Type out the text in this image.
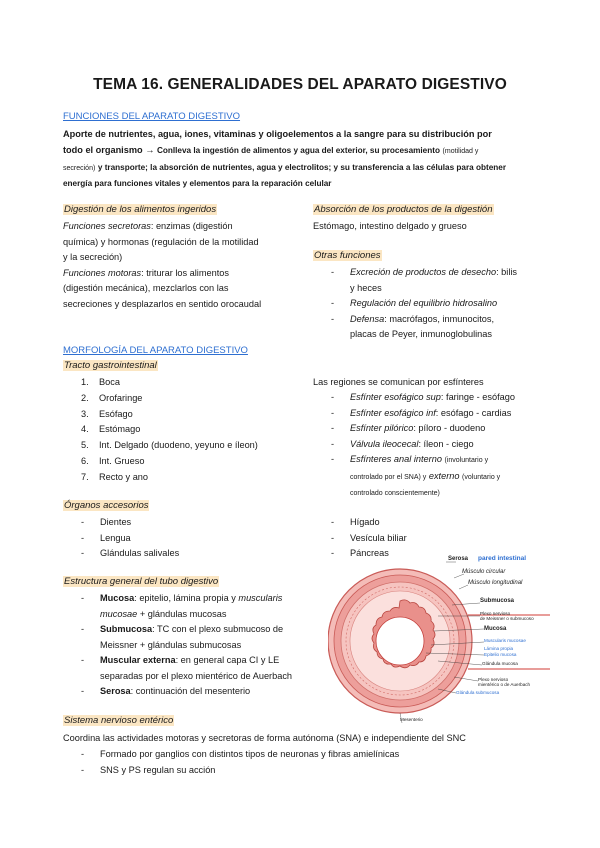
TEMA 16. GENERALIDADES DEL APARATO DIGESTIVO
FUNCIONES DEL APARATO DIGESTIVO
Aporte de nutrientes, agua, iones, vitaminas y oligoelementos a la sangre para su distribución por
todo el organismo → Conlleva la ingestión de alimentos y agua del exterior, su procesamiento (motilidad y
secreción) y transporte; la absorción de nutrientes, agua y electrolitos; y su transferencia a las células para obtener
energía para funciones vitales y elementos para la reparación celular
Digestión de los alimentos ingeridos
Funciones secretoras: enzimas (digestión
química) y hormonas (regulación de la motilidad
y la secreción)
Funciones motoras: triturar los alimentos
(digestión mecánica), mezclarlos con las
secreciones y desplazarlos en sentido orocaudal
Absorción de los productos de la digestión
Estómago, intestino delgado y grueso
Otras funciones
- Excreción de productos de desecho: bilis
y heces
- Regulación del equilibrio hidrosalino
- Defensa: macrófagos, inmunocitos,
placas de Peyer, inmunoglobulinas
MORFOLOGÍA DEL APARATO DIGESTIVO
Tracto gastrointestinal
1. Boca
2. Orofaringe
3. Esófago
4. Estómago
5. Int. Delgado (duodeno, yeyuno e íleon)
6. Int. Grueso
7. Recto y ano
Las regiones se comunican por esfínteres
- Esfínter esofágico sup: faringe - esófago
- Esfínter esofágico inf: esófago - cardias
- Esfínter pilórico: píloro - duodeno
- Válvula ileocecal: íleon - ciego
- Esfínteres anal interno (involuntario y
controlado por el SNA) y externo (voluntario y
controlado conscientemente)
Órganos accesorios
- Dientes
- Lengua
- Glándulas salivales
- Hígado
- Vesícula biliar
- Páncreas
Estructura general del tubo digestivo
- Mucosa: epitelio, lámina propia y muscularis
mucosae + glándulas mucosas
- Submucosa: TC con el plexo submucoso de
Meissner + glándulas submucosas
- Muscular externa: en general capa CI y LE
separadas por el plexo mientérico de Auerbach
- Serosa: continuación del mesenterio
Serosa pared intestinal
Músculo circular
Músculo longitudinal
Submucosa
Plexo nervioso
de Meissner o submucoso
Mucosa
Muscularis mucosae
Lámina propia
Epitelio mucosa
Glándula mucosa
Plexo nervioso
mientérico o de Auerbach
Glándula submucosa
Mesenterio
Sistema nervioso entérico
Coordina las actividades motoras y secretoras de forma autónoma (SNA) e independiente del SNC
- Formado por ganglios con distintos tipos de neuronas y fibras amielínicas
- SNS y PS regulan su acción
